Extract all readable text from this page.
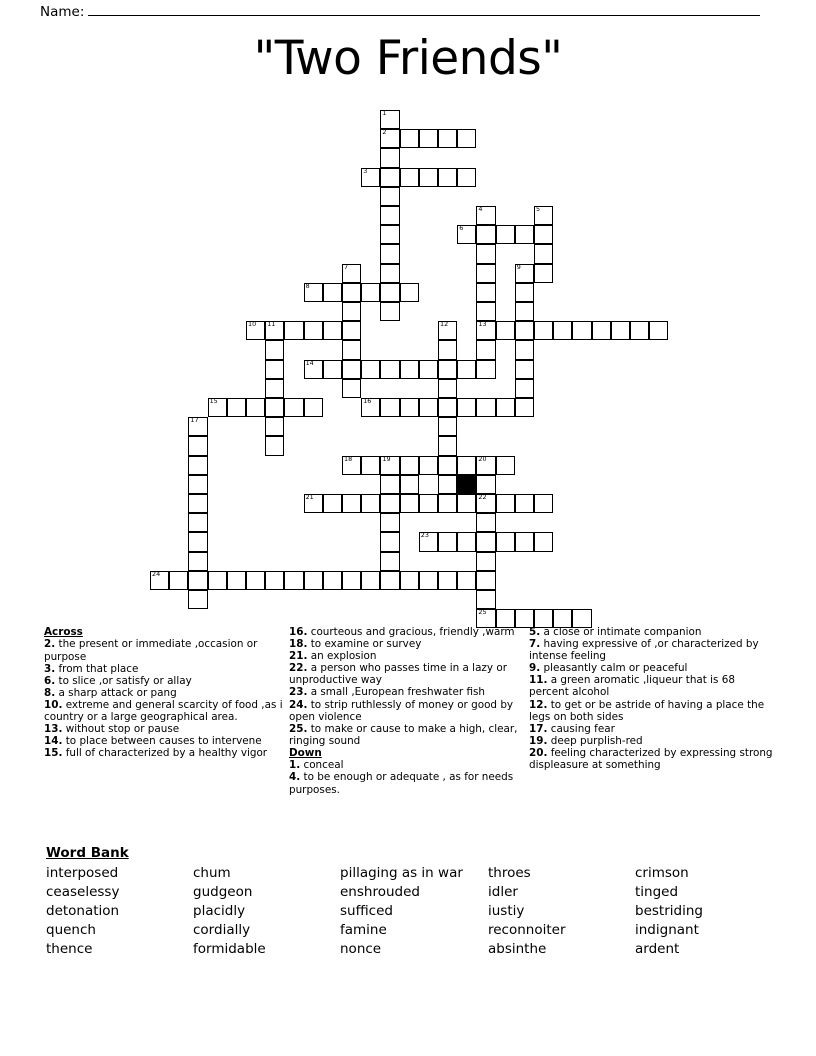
Name:
"Two Friends"
1
2
3
4	5
6
7	9
8
10 11	12	13
14
15	16
17
18	19	20
21	22
23
24
25
Across
2. the present or immediate ,occasion or purpose
3. from that place
6. to slice ,or satisfy or allay
8. a sharp attack or pang
10. extreme and general scarcity of food ,as i country or a large geographical area.
13. without stop or pause
14. to place between causes to intervene
15. full of characterized by a healthy vigor
16. courteous and gracious, friendly ,warm
18. to examine or survey
21. an explosion
22. a person who passes time in a lazy or unproductive way
23. a small ,European freshwater fish
24. to strip ruthlessly of money or good by open violence
25. to make or cause to make a high, clear, ringing sound
Down
1. conceal
4. to be enough or adequate , as for needs purposes.
5. a close or intimate companion
7. having expressive of ,or characterized by intense feeling
9. pleasantly calm or peaceful
11. a green aromatic ,liqueur that is 68 percent alcohol
12. to get or be astride of having a place the legs on both sides
17. causing fear
19. deep purplish-red
20. feeling characterized by expressing strong displeasure at something
Word Bank
interposed
ceaselessy
detonation
quench
thence
chum
gudgeon
placidly
cordially
formidable
pillaging as in war
enshrouded
sufficed
famine
nonce
throes
idler
iustiy
reconnoiter
absinthe
crimson
tinged
bestriding
indignant
ardent
